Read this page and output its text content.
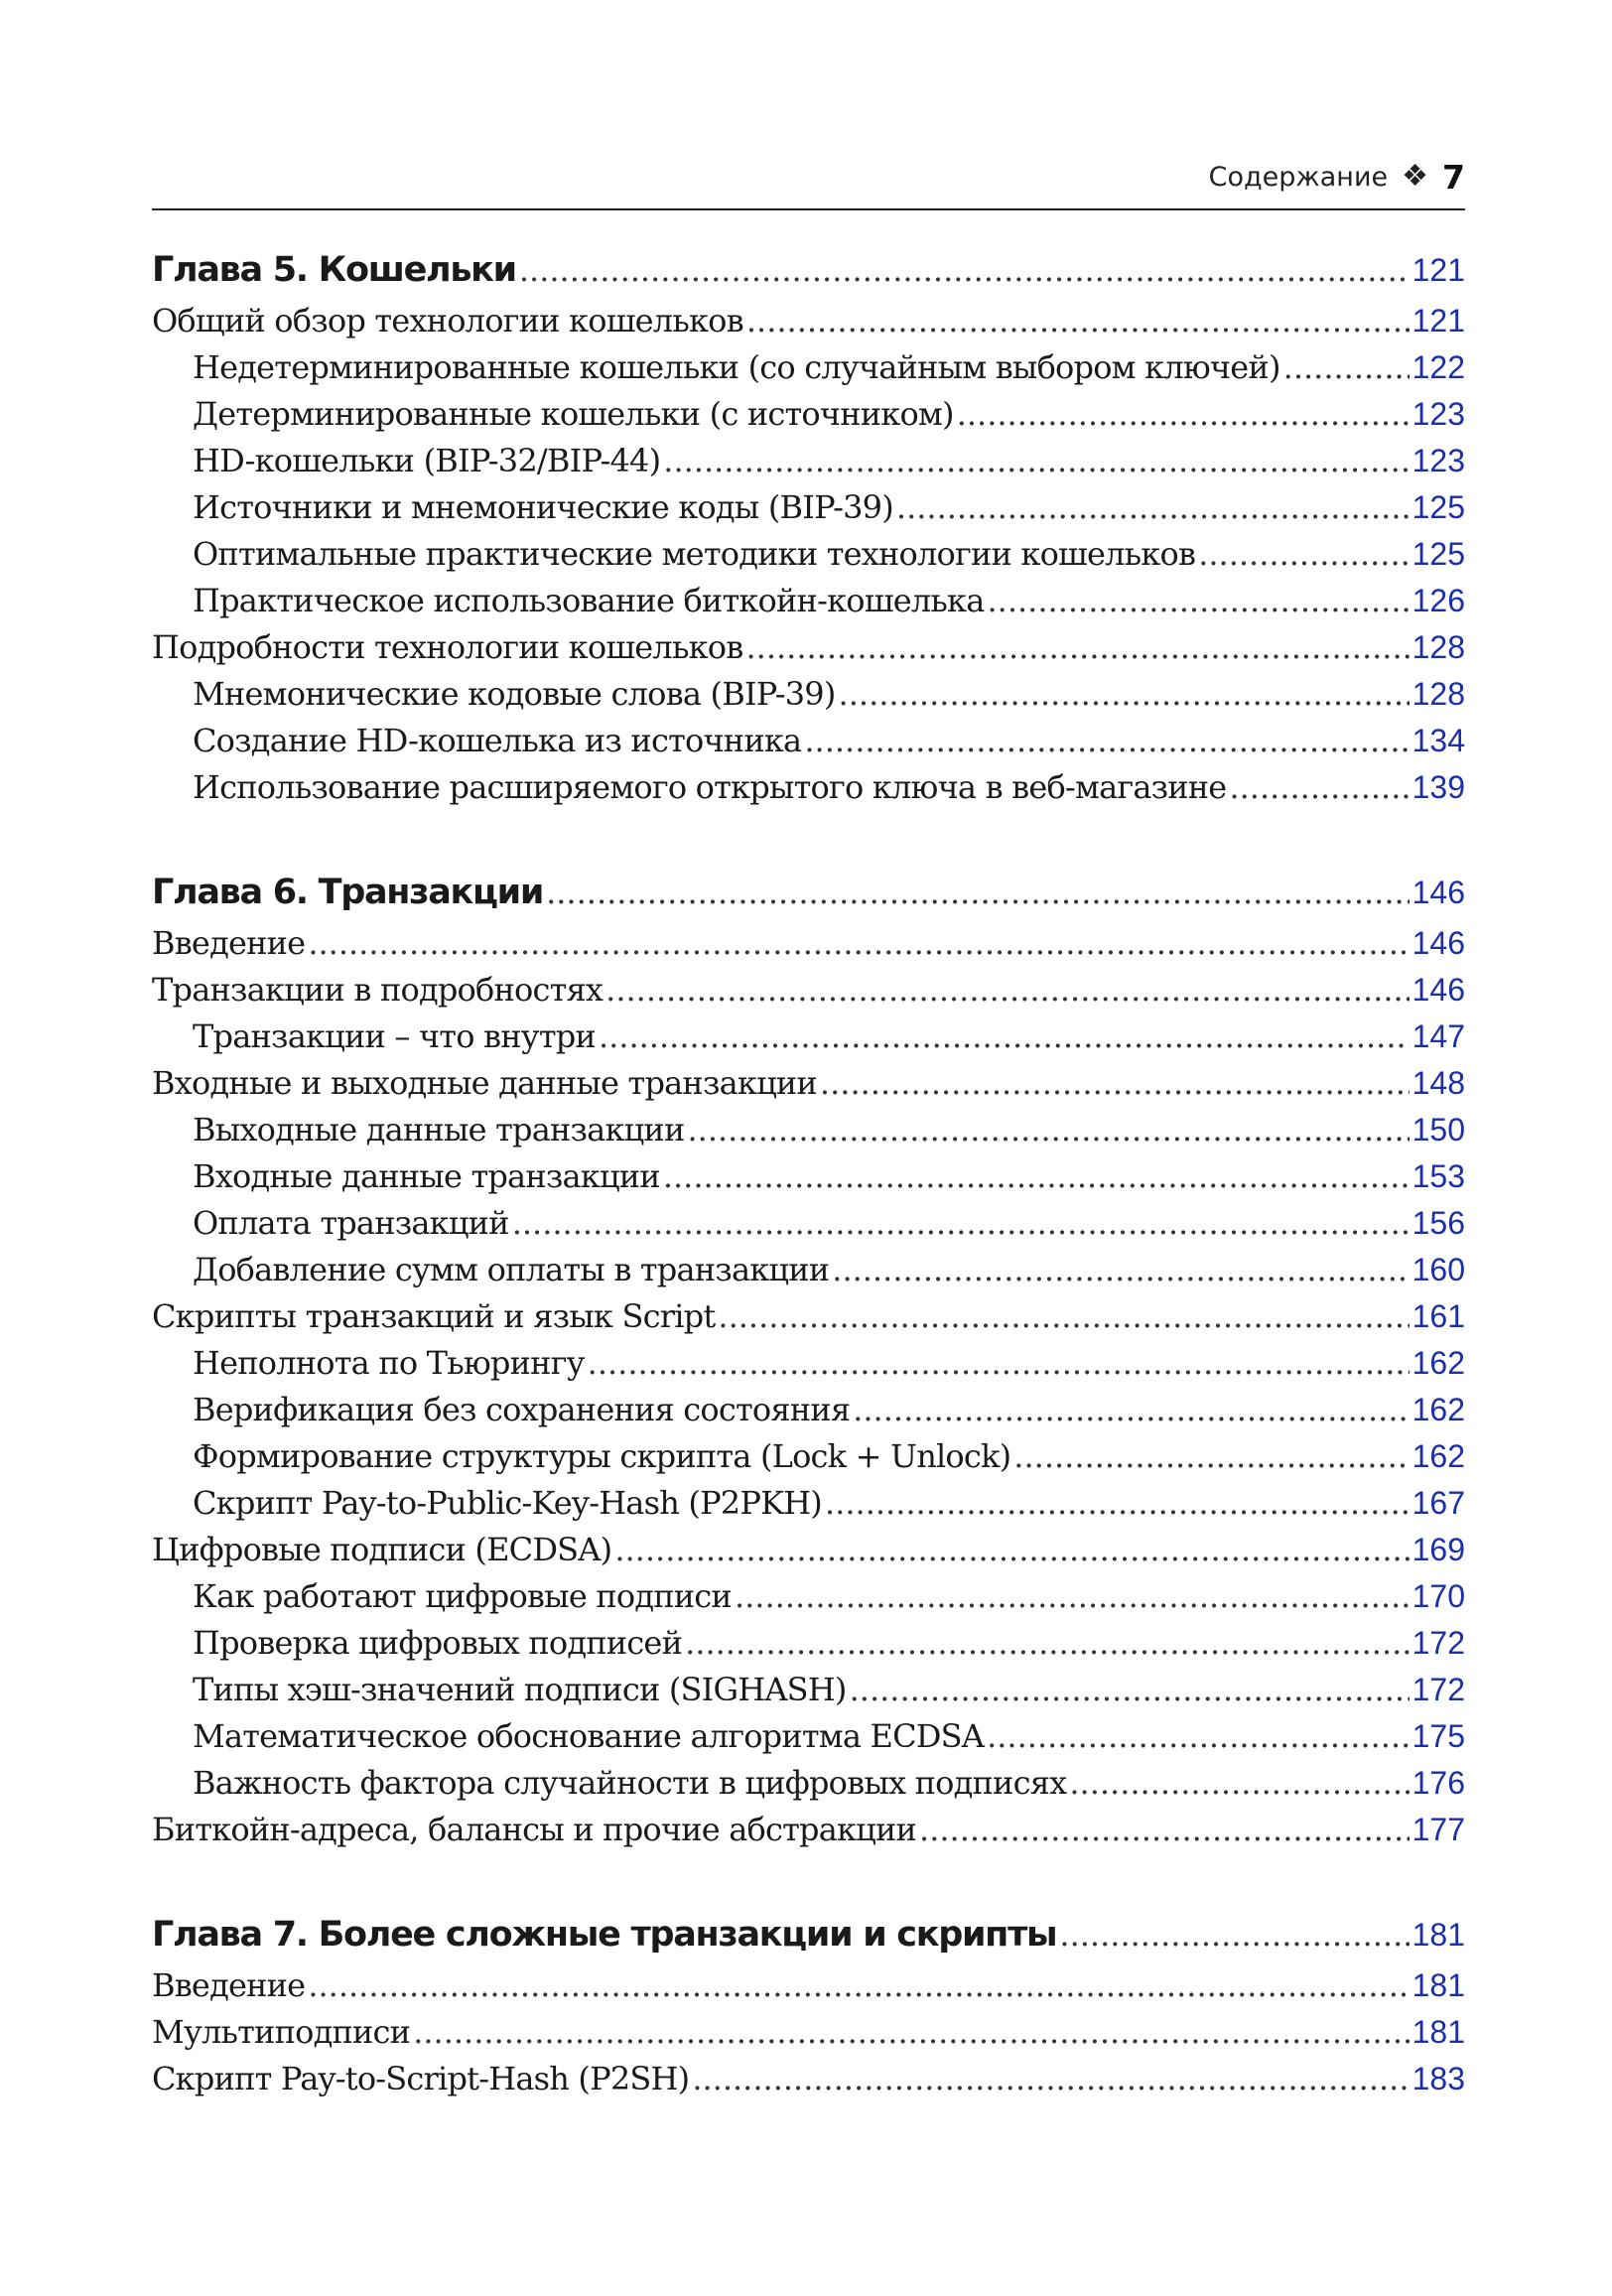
Содержание ❖ 7
Глава 5. Кошельки .....	121
Общий обзор технологии кошельков .....	121
Недетерминированные кошельки (со случайным выбором ключей) .....	122
Детерминированные кошельки (с источником) .....	123
HD-кошельки (BIP-32/BIP-44) .....	123
Источники и мнемонические коды (BIP-39) .....	125
Оптимальные практические методики технологии кошельков .....	125
Практическое использование биткойн-кошелька .....	126
Подробности технологии кошельков .....	128
Мнемонические кодовые слова (BIP-39) .....	128
Создание HD-кошелька из источника .....	134
Использование расширяемого открытого ключа в веб-магазине .....	139
Глава 6. Транзакции .....	146
Введение .....	146
Транзакции в подробностях .....	146
Транзакции – что внутри .....	147
Входные и выходные данные транзакции .....	148
Выходные данные транзакции .....	150
Входные данные транзакции .....	153
Оплата транзакций .....	156
Добавление сумм оплаты в транзакции .....	160
Скрипты транзакций и язык Script .....	161
Неполнота по Тьюрингу .....	162
Верификация без сохранения состояния .....	162
Формирование структуры скрипта (Lock + Unlock) .....	162
Скрипт Pay-to-Public-Key-Hash (P2PKH) .....	167
Цифровые подписи (ECDSA) .....	169
Как работают цифровые подписи .....	170
Проверка цифровых подписей .....	172
Типы хэш-значений подписи (SIGHASH) .....	172
Математическое обоснование алгоритма ECDSA .....	175
Важность фактора случайности в цифровых подписях .....	176
Биткойн-адреса, балансы и прочие абстракции .....	177
Глава 7. Более сложные транзакции и скрипты .....	181
Введение .....	181
Мультиподписи .....	181
Скрипт Pay-to-Script-Hash (P2SH) .....	183
